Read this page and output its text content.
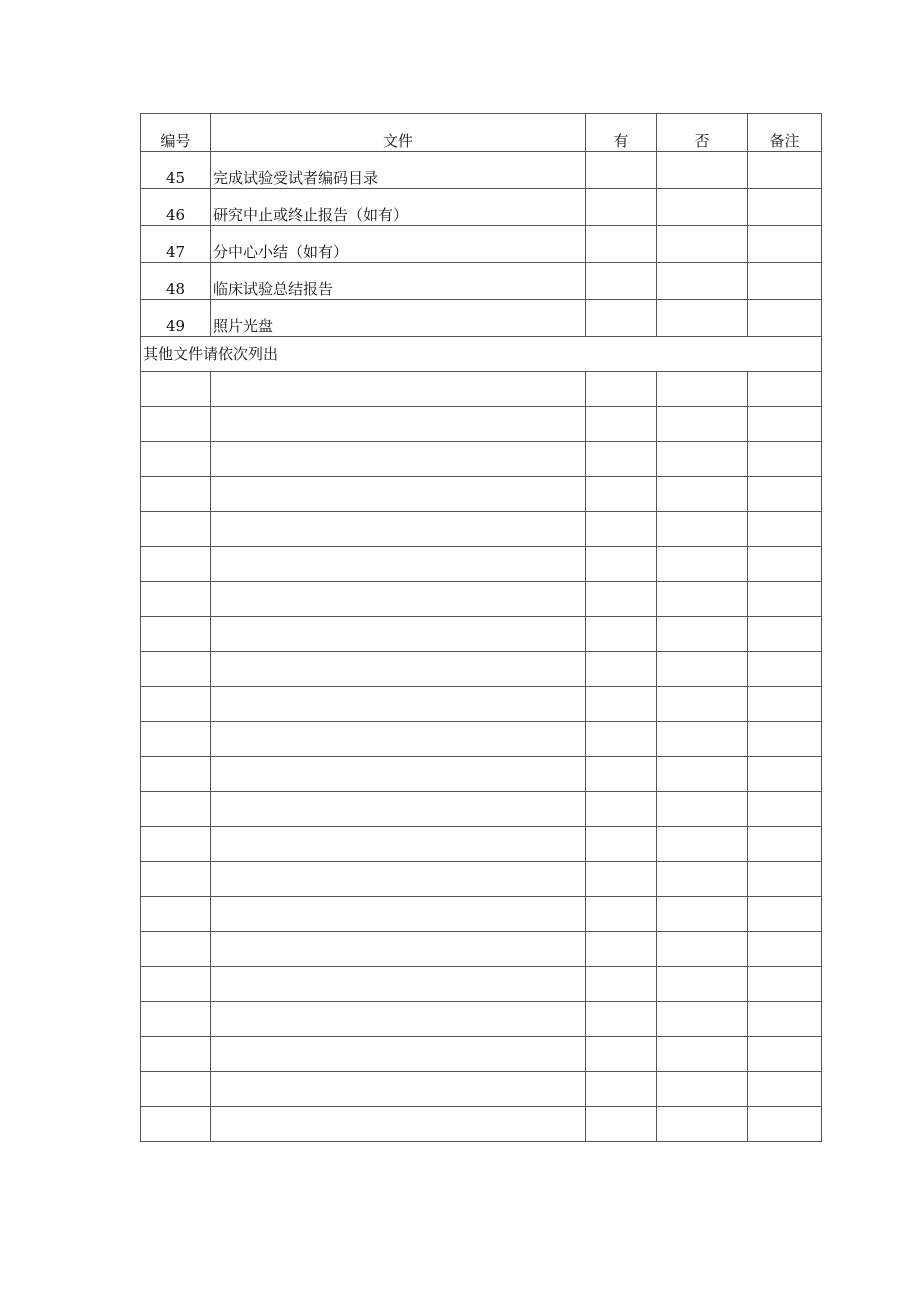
编号	文件	有	否	备注
45	完成试验受试者编码目录			
46	研究中止或终止报告（如有）			
47	分中心小结（如有）			
48	临床试验总结报告			
49	照片光盘			
其他文件请依次列出				
